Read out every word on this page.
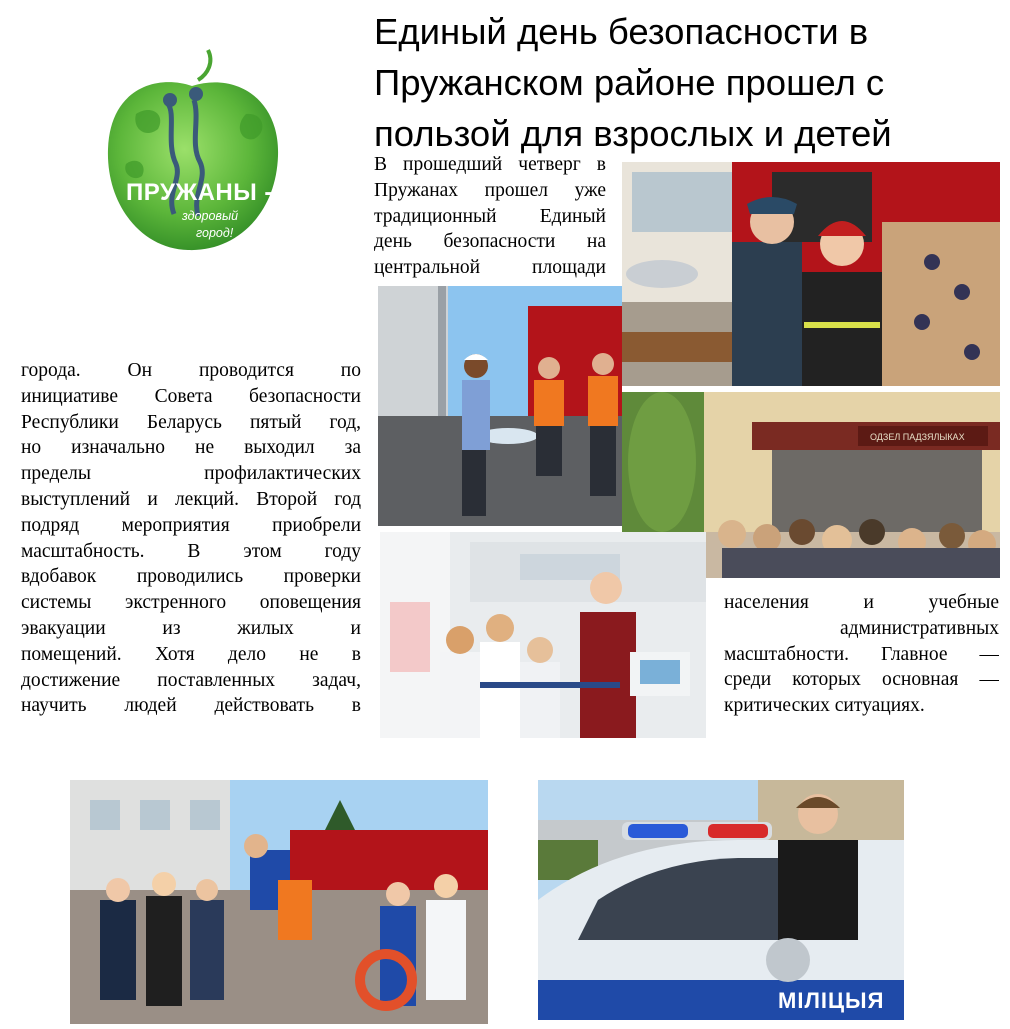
ПРУЖАНЫ -
здоровый
город!
Единый день безопасности в
Пружанском районе прошел с
пользой для взрослых и детей
В прошедший четверг в
Пружанах прошел уже
традиционный Единый
день безопасности на
центральной площади
города. Он проводится по
инициативе Совета безопасности
Республики Беларусь пятый год,
но изначально не выходил за
пределы профилактических
выступлений и лекций. Второй год
подряд мероприятия приобрели
масштабность. В этом году
вдобавок проводились проверки
системы экстренного оповещения
эвакуации из жилых и
помещений. Хотя дело не в
достижение поставленных задач,
научить людей действовать в
населения и учебные
административных
масштабности. Главное —
среди которых основная —
критических ситуациях.
ОДЗЕЛ ПАДЗЯЛЫКАХ
МІЛІЦЫЯ
